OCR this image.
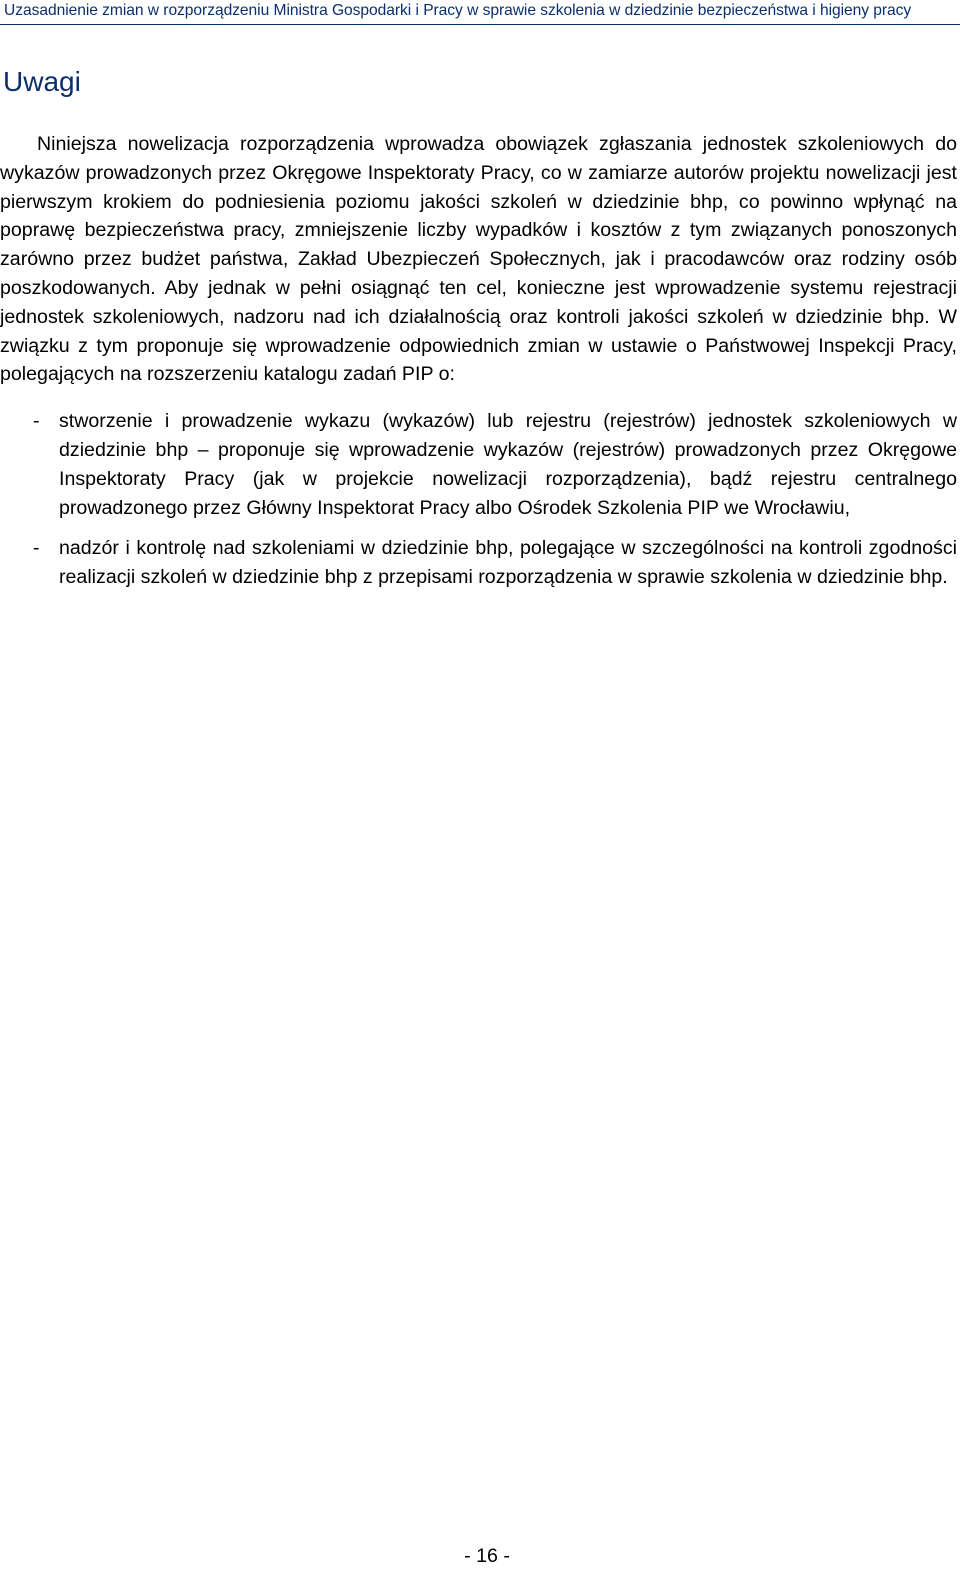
Uzasadnienie zmian w rozporządzeniu Ministra Gospodarki i Pracy w sprawie szkolenia w dziedzinie bezpieczeństwa i higieny pracy
Uwagi

Niniejsza nowelizacja rozporządzenia wprowadza obowiązek zgłaszania jednostek szkoleniowych do wykazów prowadzonych przez Okręgowe Inspektoraty Pracy, co w zamiarze autorów projektu nowelizacji jest pierwszym krokiem do podniesienia poziomu jakości szkoleń w dziedzinie bhp, co powinno wpłynąć na poprawę bezpieczeństwa pracy, zmniejszenie liczby wypadków i kosztów z tym związanych ponoszonych zarówno przez budżet państwa, Zakład Ubezpieczeń Społecznych, jak i pracodawców oraz rodziny osób poszkodowanych. Aby jednak w pełni osiągnąć ten cel, konieczne jest wprowadzenie systemu rejestracji jednostek szkoleniowych, nadzoru nad ich działalnością oraz kontroli jakości szkoleń w dziedzinie bhp. W związku z tym proponuje się wprowadzenie odpowiednich zmian w ustawie o Państwowej Inspekcji Pracy, polegających na rozszerzeniu katalogu zadań PIP o:

- stworzenie i prowadzenie wykazu (wykazów) lub rejestru (rejestrów) jednostek szkoleniowych w dziedzinie bhp – proponuje się wprowadzenie wykazów (rejestrów) prowadzonych przez Okręgowe Inspektoraty Pracy (jak w projekcie nowelizacji rozporządzenia), bądź rejestru centralnego prowadzonego przez Główny Inspektorat Pracy albo Ośrodek Szkolenia PIP we Wrocławiu,
- nadzór i kontrolę nad szkoleniami w dziedzinie bhp, polegające w szczególności na kontroli zgodności realizacji szkoleń w dziedzinie bhp z przepisami rozporządzenia w sprawie szkolenia w dziedzinie bhp.
- 16 -
